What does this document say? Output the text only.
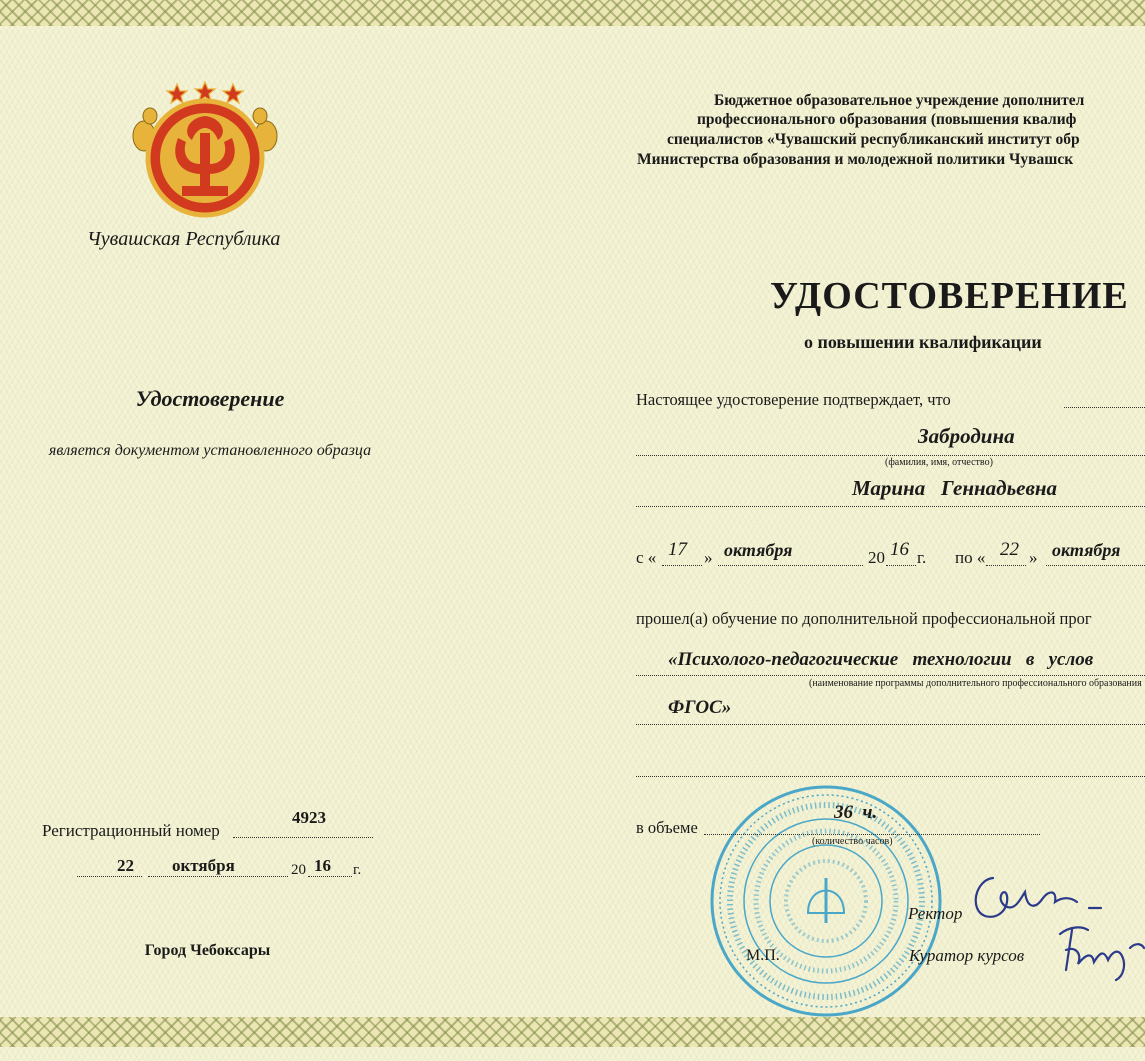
Чувашская Республика
Удостоверение
является документом установленного образца
Регистрационный номер
4923
22 октября	20 16 г.
Город Чебоксары
Бюджетное образовательное учреждение дополнител
профессионального образования (повышения квалиф
специалистов «Чувашский республиканский институт обр
Министерства образования и молодежной политики Чувашск
УДОСТОВЕРЕНИЕ
о повышении квалификации
Настоящее удостоверение подтверждает, что
Забродина
(фамилия, имя, отчество)
Марина   Геннадьевна
с « 17 » октября	20 16 г. по « 22 » октября
прошел(а) обучение по дополнительной профессиональной прог
«Психолого-педагогические   технологии   в   услов
(наименование программы дополнительного профессионального образования
ФГОС»
в объеме
36  ч.
(количество часов)
Ректор
М.П.	Куратор курсов
